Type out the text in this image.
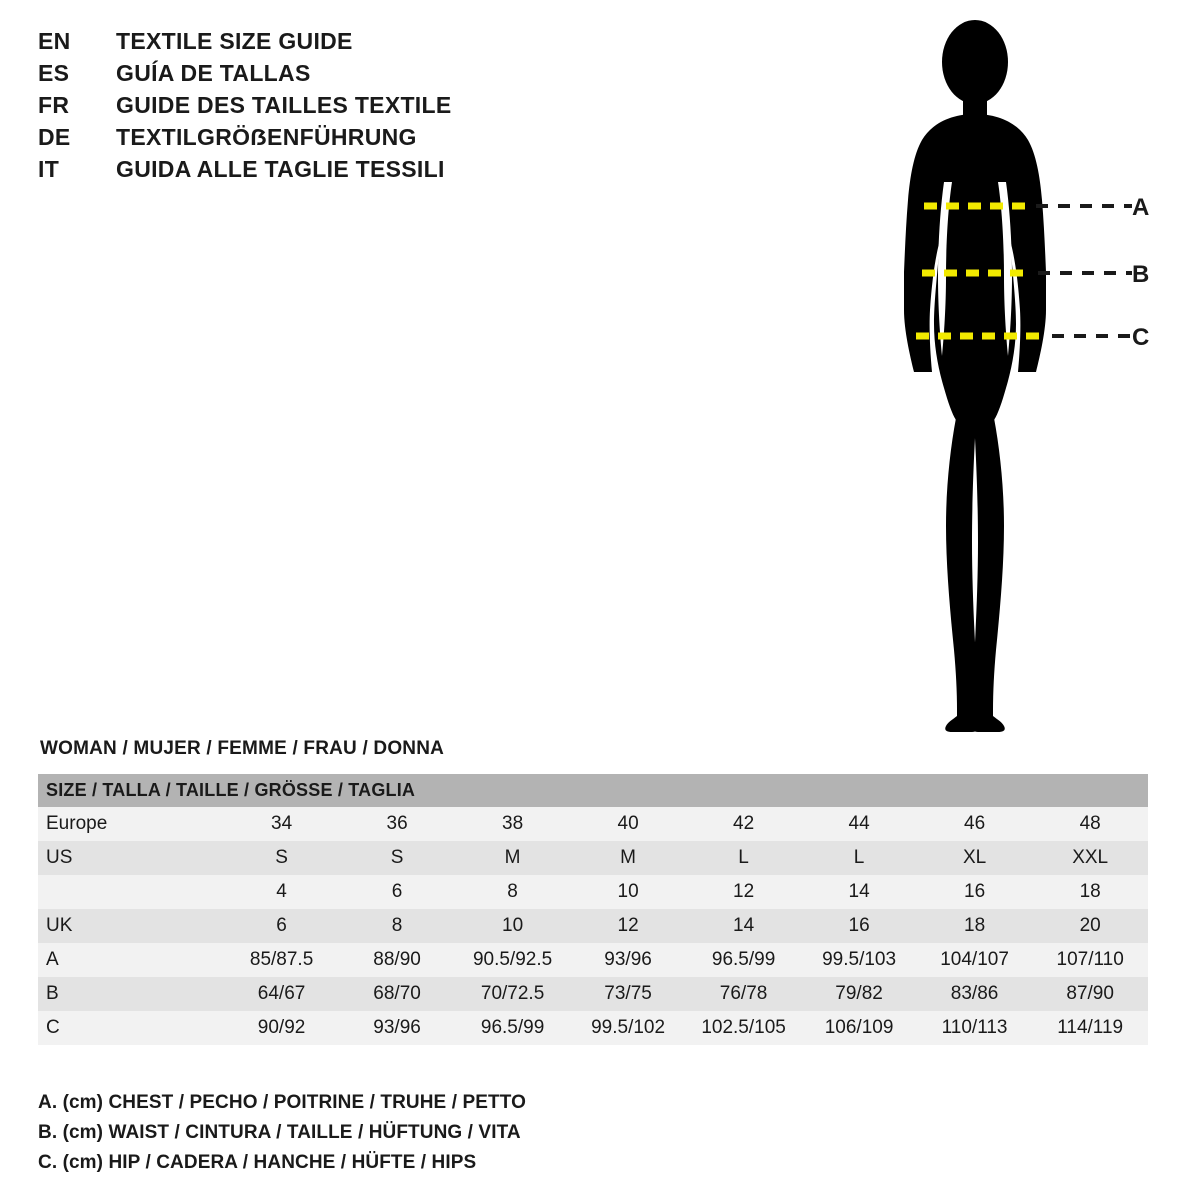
EN	TEXTILE SIZE GUIDE
ES	GUÍA DE TALLAS
FR	GUIDE DES TAILLES TEXTILE
DE	TEXTILGRÖẞENFÜHRUNG
IT	GUIDA ALLE TAGLIE TESSILI
A
B
C
WOMAN / MUJER / FEMME / FRAU / DONNA
SIZE / TALLA / TAILLE / GRÖSSE / TAGLIA								
Europe	34	36	38	40	42	44	46	48
US	S	S	M	M	L	L	XL	XXL
	4	6	8	10	12	14	16	18
UK	6	8	10	12	14	16	18	20
A	85/87.5	88/90	90.5/92.5	93/96	96.5/99	99.5/103	104/107	107/110
B	64/67	68/70	70/72.5	73/75	76/78	79/82	83/86	87/90
C	90/92	93/96	96.5/99	99.5/102	102.5/105	106/109	110/113	114/119
A. (cm) CHEST / PECHO / POITRINE / TRUHE / PETTO
B. (cm) WAIST / CINTURA / TAILLE / HÜFTUNG / VITA
C. (cm) HIP / CADERA / HANCHE / HÜFTE / HIPS
